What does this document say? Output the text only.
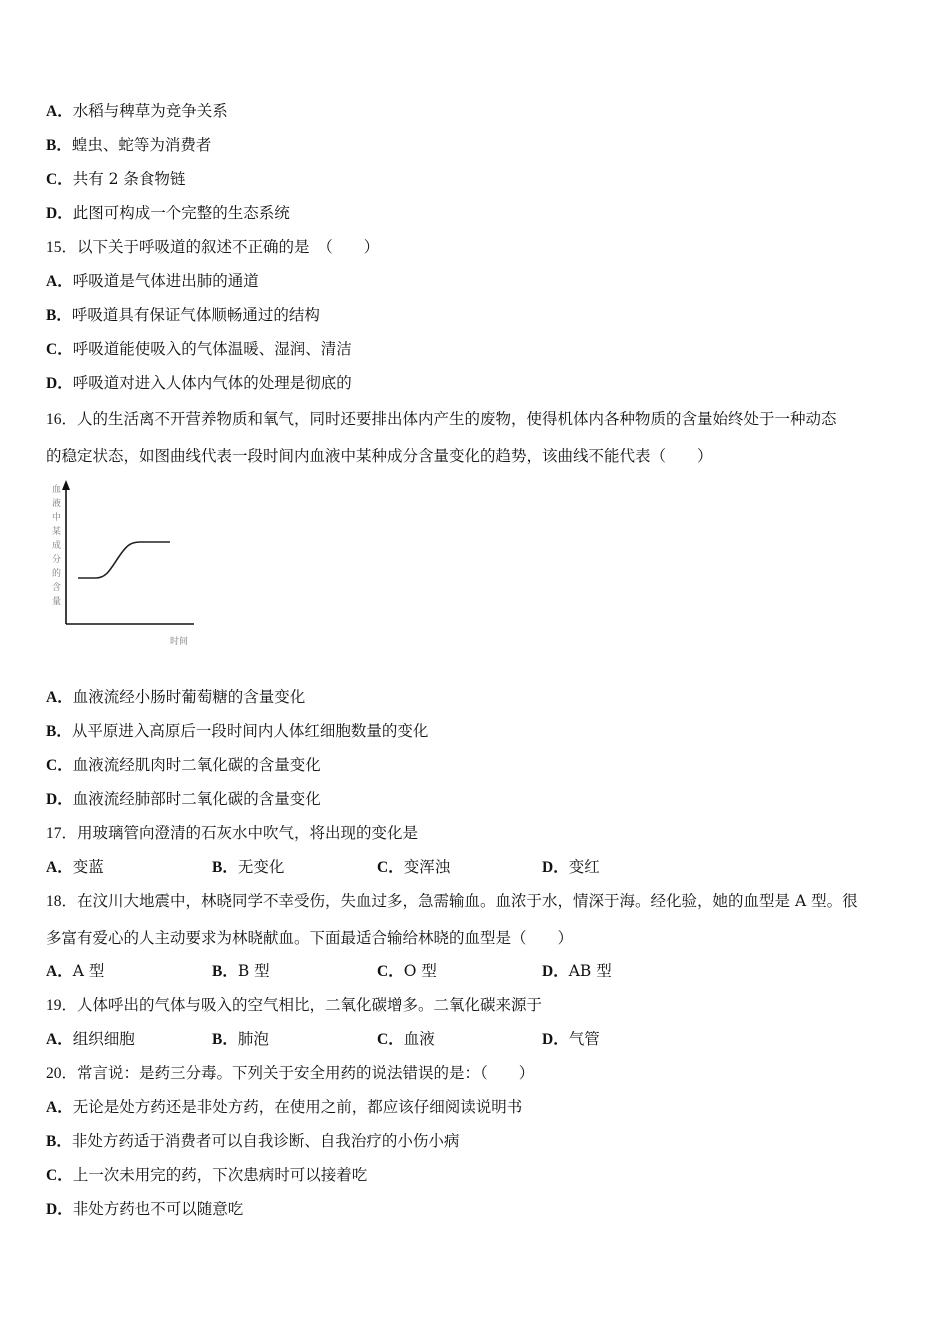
A．水稻与稗草为竞争关系
B．蝗虫、蛇等为消费者
C．共有 2 条食物链
D．此图可构成一个完整的生态系统
15．以下关于呼吸道的叙述不正确的是　（　　）
A．呼吸道是气体进出肺的通道
B．呼吸道具有保证气体顺畅通过的结构
C．呼吸道能使吸入的气体温暖、湿润、清洁
D．呼吸道对进入人体内气体的处理是彻底的
16．人的生活离不开营养物质和氧气，同时还要排出体内产生的废物，使得机体内各种物质的含量始终处于一种动态
的稳定状态，如图曲线代表一段时间内血液中某种成分含量变化的趋势，该曲线不能代表（　　）
血液中某成分的含量
时间
A．血液流经小肠时葡萄糖的含量变化
B．从平原进入高原后一段时间内人体红细胞数量的变化
C．血液流经肌肉时二氧化碳的含量变化
D．血液流经肺部时二氧化碳的含量变化
17．用玻璃管向澄清的石灰水中吹气，将出现的变化是
A．变蓝	B．无变化	C．变浑浊	D．变红
18．在汶川大地震中，林晓同学不幸受伤，失血过多，急需输血。血浓于水，情深于海。经化验，她的血型是 A 型。很
多富有爱心的人主动要求为林晓献血。下面最适合输给林晓的血型是（　　）
A．A 型	B．B 型	C．O 型	D．AB 型
19．人体呼出的气体与吸入的空气相比，二氧化碳增多。二氧化碳来源于
A．组织细胞	B．肺泡	C．血液	D．气管
20．常言说：是药三分毒。下列关于安全用药的说法错误的是：（　　）
A．无论是处方药还是非处方药，在使用之前，都应该仔细阅读说明书
B．非处方药适于消费者可以自我诊断、自我治疗的小伤小病
C．上一次未用完的药，下次患病时可以接着吃
D．非处方药也不可以随意吃
